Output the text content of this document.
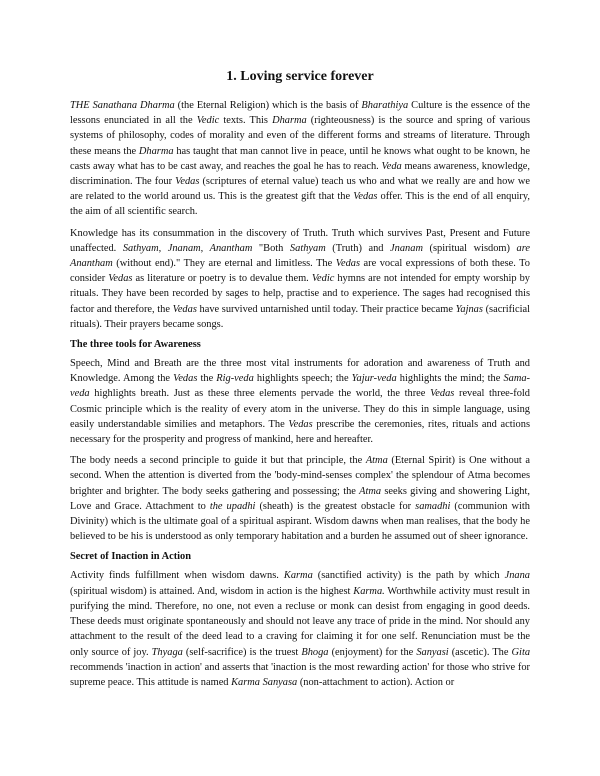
1. Loving service forever

THE Sanathana Dharma (the Eternal Religion) which is the basis of Bharathiya Culture is the essence of the lessons enunciated in all the Vedic texts. This Dharma (righteousness) is the source and spring of various systems of philosophy, codes of morality and even of the different forms and streams of literature. Through these means the Dharma has taught that man cannot live in peace, until he knows what ought to be known, he casts away what has to be cast away, and reaches the goal he has to reach. Veda means awareness, knowledge, discrimination. The four Vedas (scriptures of eternal value) teach us who and what we really are and how we are related to the world around us. This is the greatest gift that the Vedas offer. This is the end of all enquiry, the aim of all scientific search.

Knowledge has its consummation in the discovery of Truth. Truth which survives Past, Present and Future unaffected. Sathyam, Jnanam, Anantham "Both Sathyam (Truth) and Jnanam (spiritual wisdom) are Anantham (without end)." They are eternal and limitless. The Vedas are vocal expressions of both these. To consider Vedas as literature or poetry is to devalue them. Vedic hymns are not intended for empty worship by rituals. They have been recorded by sages to help, practise and to experience. The sages had recognised this factor and therefore, the Vedas have survived untarnished until today. Their practice became Yajnas (sacrificial rituals). Their prayers became songs.

The three tools for Awareness

Speech, Mind and Breath are the three most vital instruments for adoration and awareness of Truth and Knowledge. Among the Vedas the Rig-veda highlights speech; the Yajur-veda highlights the mind; the Sama-veda highlights breath. Just as these three elements pervade the world, the three Vedas reveal three-fold Cosmic principle which is the reality of every atom in the universe. They do this in simple language, using easily understandable similies and metaphors. The Vedas prescribe the ceremonies, rites, rituals and actions necessary for the prosperity and progress of mankind, here and hereafter.

The body needs a second principle to guide it but that principle, the Atma (Eternal Spirit) is One without a second. When the attention is diverted from the 'body-mind-senses complex' the splendour of Atma becomes brighter and brighter. The body seeks gathering and possessing; the Atma seeks giving and showering Light, Love and Grace. Attachment to the upadhi (sheath) is the greatest obstacle for samadhi (communion with Divinity) which is the ultimate goal of a spiritual aspirant. Wisdom dawns when man realises, that the body he believed to be his is understood as only temporary habitation and a burden he assumed out of sheer ignorance.

Secret of Inaction in Action

Activity finds fulfillment when wisdom dawns. Karma (sanctified activity) is the path by which Jnana (spiritual wisdom) is attained. And, wisdom in action is the highest Karma. Worthwhile activity must result in purifying the mind. Therefore, no one, not even a recluse or monk can desist from engaging in good deeds. These deeds must originate spontaneously and should not leave any trace of pride in the mind. Nor should any attachment to the result of the deed lead to a craving for claiming it for one self. Renunciation must be the only source of joy. Thyaga (self-sacrifice) is the truest Bhoga (enjoyment) for the Sanyasi (ascetic). The Gita recommends 'inaction in action' and asserts that 'inaction is the most rewarding action' for those who strive for supreme peace. This attitude is named Karma Sanyasa (non-attachment to action). Action or
